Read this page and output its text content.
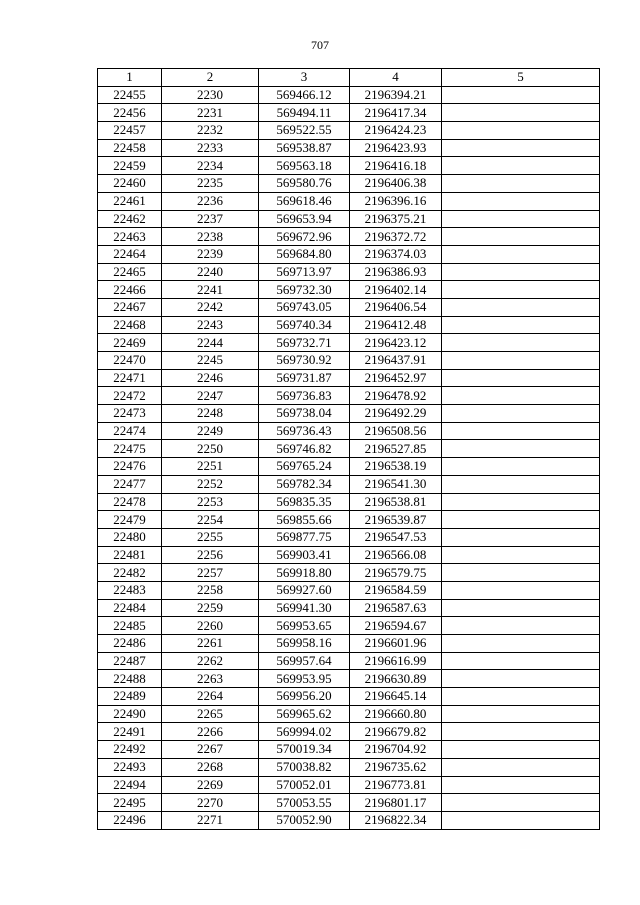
707
1	2	3	4	5
22455	2230	569466.12	2196394.21	
22456	2231	569494.11	2196417.34	
22457	2232	569522.55	2196424.23	
22458	2233	569538.87	2196423.93	
22459	2234	569563.18	2196416.18	
22460	2235	569580.76	2196406.38	
22461	2236	569618.46	2196396.16	
22462	2237	569653.94	2196375.21	
22463	2238	569672.96	2196372.72	
22464	2239	569684.80	2196374.03	
22465	2240	569713.97	2196386.93	
22466	2241	569732.30	2196402.14	
22467	2242	569743.05	2196406.54	
22468	2243	569740.34	2196412.48	
22469	2244	569732.71	2196423.12	
22470	2245	569730.92	2196437.91	
22471	2246	569731.87	2196452.97	
22472	2247	569736.83	2196478.92	
22473	2248	569738.04	2196492.29	
22474	2249	569736.43	2196508.56	
22475	2250	569746.82	2196527.85	
22476	2251	569765.24	2196538.19	
22477	2252	569782.34	2196541.30	
22478	2253	569835.35	2196538.81	
22479	2254	569855.66	2196539.87	
22480	2255	569877.75	2196547.53	
22481	2256	569903.41	2196566.08	
22482	2257	569918.80	2196579.75	
22483	2258	569927.60	2196584.59	
22484	2259	569941.30	2196587.63	
22485	2260	569953.65	2196594.67	
22486	2261	569958.16	2196601.96	
22487	2262	569957.64	2196616.99	
22488	2263	569953.95	2196630.89	
22489	2264	569956.20	2196645.14	
22490	2265	569965.62	2196660.80	
22491	2266	569994.02	2196679.82	
22492	2267	570019.34	2196704.92	
22493	2268	570038.82	2196735.62	
22494	2269	570052.01	2196773.81	
22495	2270	570053.55	2196801.17	
22496	2271	570052.90	2196822.34	
